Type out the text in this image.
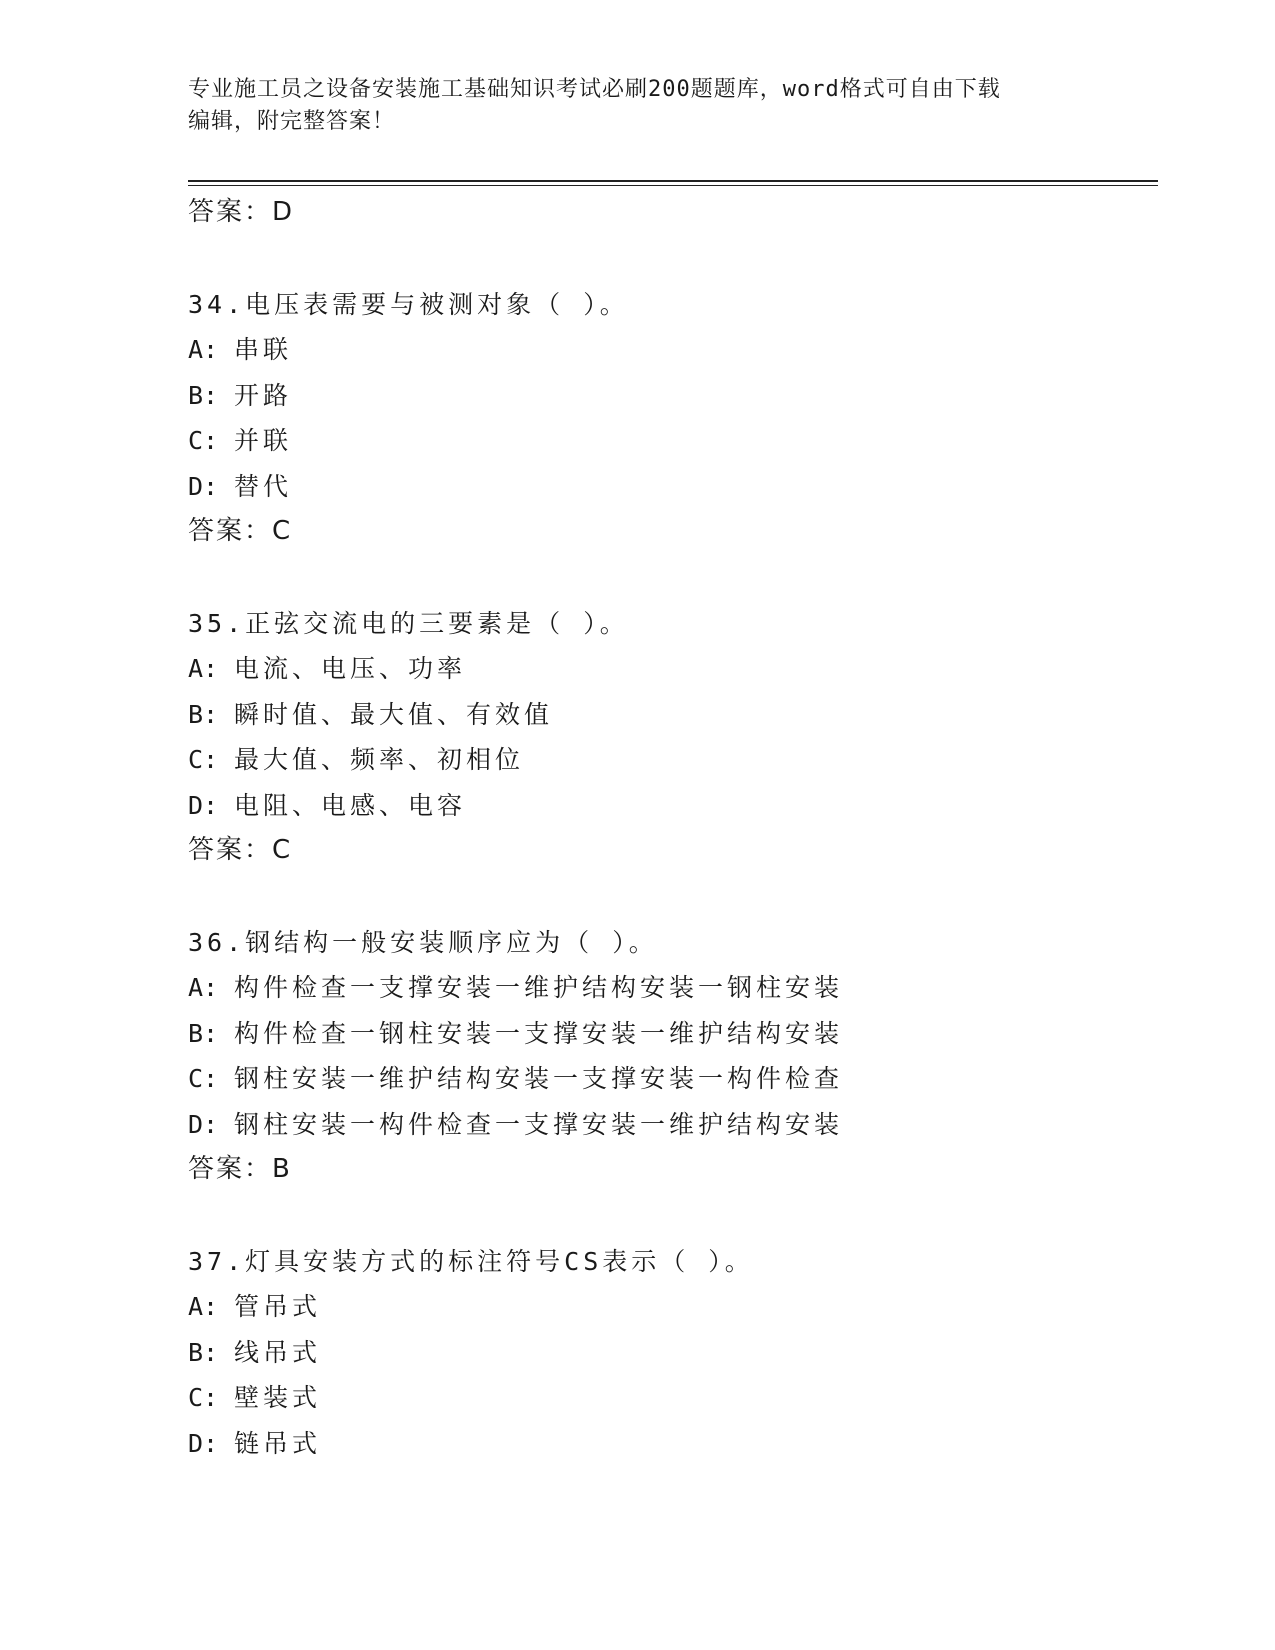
专业施工员之设备安装施工基础知识考试必刷200题题库，word格式可自由下载
编辑，附完整答案！
答案：D
34.电压表需要与被测对象（ ）。
A: 串联
B: 开路
C: 并联
D: 替代
答案：C
35.正弦交流电的三要素是（ ）。
A: 电流、电压、功率
B: 瞬时值、最大值、有效值
C: 最大值、频率、初相位
D: 电阻、电感、电容
答案：C
36.钢结构一般安装顺序应为（ ）。
A: 构件检查一支撑安装一维护结构安装一钢柱安装
B: 构件检查一钢柱安装一支撑安装一维护结构安装
C: 钢柱安装一维护结构安装一支撑安装一构件检查
D: 钢柱安装一构件检查一支撑安装一维护结构安装
答案：B
37.灯具安装方式的标注符号CS表示（ ）。
A: 管吊式
B: 线吊式
C: 壁装式
D: 链吊式
